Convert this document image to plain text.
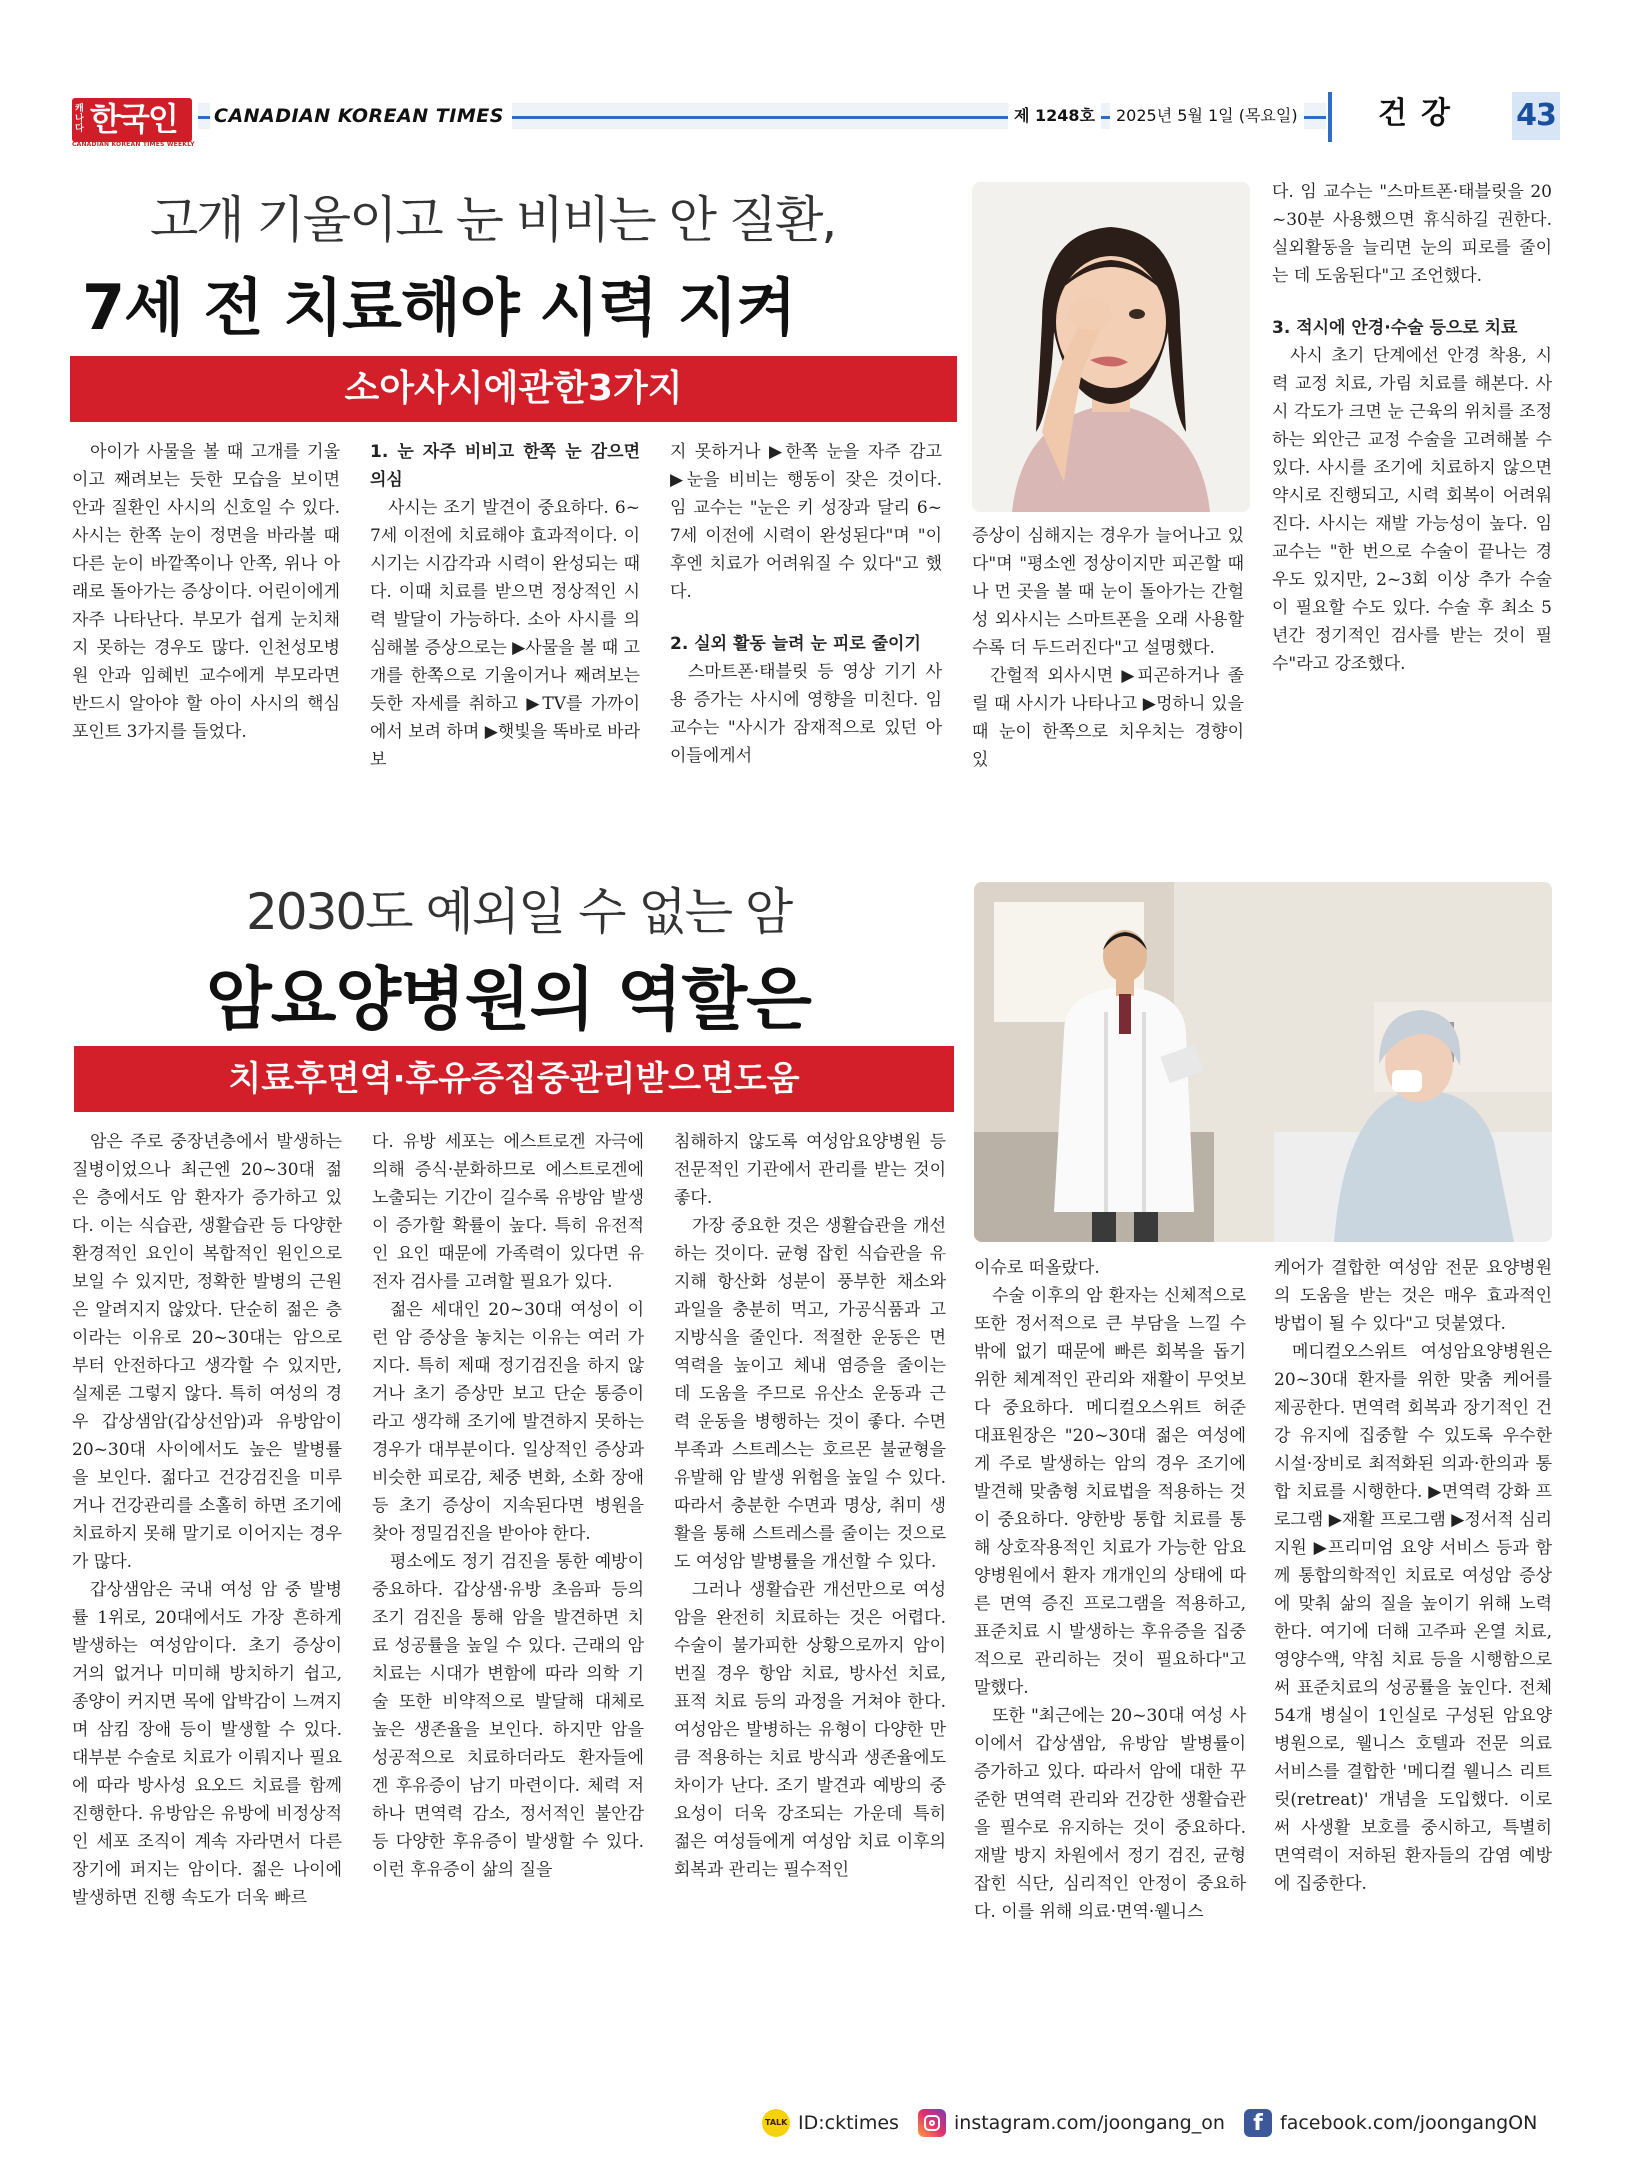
캐나다 한국인
CANADIAN KOREAN TIMES WEEKLY
CANADIAN KOREAN TIMES	제 1248호	2025년 5월 1일 (목요일)	건강 43
고개 기울이고 눈 비비는 안 질환,
7세 전 치료해야 시력 지켜
소아사시에관한3가지

아이가 사물을 볼 때 고개를 기울이고 째려보는 듯한 모습을 보이면 안과 질환인 사시의 신호일 수 있다. 사시는 한쪽 눈이 정면을 바라볼 때 다른 눈이 바깥쪽이나 안쪽, 위나 아래로 돌아가는 증상이다. 어린이에게 자주 나타난다. 부모가 쉽게 눈치채지 못하는 경우도 많다. 인천성모병원 안과 임혜빈 교수에게 부모라면 반드시 알아야 할 아이 사시의 핵심 포인트 3가지를 들었다.

1. 눈 자주 비비고 한쪽 눈 감으면 의심

사시는 조기 발견이 중요하다. 6~7세 이전에 치료해야 효과적이다. 이 시기는 시감각과 시력이 완성되는 때다. 이때 치료를 받으면 정상적인 시력 발달이 가능하다. 소아 사시를 의심해볼 증상으로는 ▶사물을 볼 때 고개를 한쪽으로 기울이거나 째려보는 듯한 자세를 취하고 ▶TV를 가까이에서 보려 하며 ▶햇빛을 똑바로 바라보

지 못하거나 ▶한쪽 눈을 자주 감고 ▶눈을 비비는 행동이 잦은 것이다. 임 교수는 "눈은 키 성장과 달리 6~7세 이전에 시력이 완성된다"며 "이후엔 치료가 어려워질 수 있다"고 했다.

2. 실외 활동 늘려 눈 피로 줄이기

스마트폰·태블릿 등 영상 기기 사용 증가는 사시에 영향을 미친다. 임 교수는 "사시가 잠재적으로 있던 아이들에게서

증상이 심해지는 경우가 늘어나고 있다"며 "평소엔 정상이지만 피곤할 때나 먼 곳을 볼 때 눈이 돌아가는 간헐성 외사시는 스마트폰을 오래 사용할수록 더 두드러진다"고 설명했다.

간헐적 외사시면 ▶피곤하거나 졸릴 때 사시가 나타나고 ▶멍하니 있을 때 눈이 한쪽으로 치우치는 경향이 있

다. 임 교수는 "스마트폰·태블릿을 20~30분 사용했으면 휴식하길 권한다. 실외활동을 늘리면 눈의 피로를 줄이는 데 도움된다"고 조언했다.

3. 적시에 안경·수술 등으로 치료

사시 초기 단계에선 안경 착용, 시력 교정 치료, 가림 치료를 해본다. 사시 각도가 크면 눈 근육의 위치를 조정하는 외안근 교정 수술을 고려해볼 수 있다. 사시를 조기에 치료하지 않으면 약시로 진행되고, 시력 회복이 어려워진다. 사시는 재발 가능성이 높다. 임 교수는 "한 번으로 수술이 끝나는 경우도 있지만, 2~3회 이상 추가 수술이 필요할 수도 있다. 수술 후 최소 5년간 정기적인 검사를 받는 것이 필수"라고 강조했다.

2030도 예외일 수 없는 암
암요양병원의 역할은
치료후면역·후유증집중관리받으면도움

암은 주로 중장년층에서 발생하는 질병이었으나 최근엔 20~30대 젊은 층에서도 암 환자가 증가하고 있다. 이는 식습관, 생활습관 등 다양한 환경적인 요인이 복합적인 원인으로 보일 수 있지만, 정확한 발병의 근원은 알려지지 않았다. 단순히 젊은 층이라는 이유로 20~30대는 암으로부터 안전하다고 생각할 수 있지만, 실제론 그렇지 않다. 특히 여성의 경우 갑상샘암(갑상선암)과 유방암이 20~30대 사이에서도 높은 발병률을 보인다. 젊다고 건강검진을 미루거나 건강관리를 소홀히 하면 조기에 치료하지 못해 말기로 이어지는 경우가 많다.

갑상샘암은 국내 여성 암 중 발병률 1위로, 20대에서도 가장 흔하게 발생하는 여성암이다. 초기 증상이 거의 없거나 미미해 방치하기 쉽고, 종양이 커지면 목에 압박감이 느껴지며 삼킴 장애 등이 발생할 수 있다. 대부분 수술로 치료가 이뤄지나 필요에 따라 방사성 요오드 치료를 함께 진행한다. 유방암은 유방에 비정상적인 세포 조직이 계속 자라면서 다른 장기에 퍼지는 암이다. 젊은 나이에 발생하면 진행 속도가 더욱 빠르

다. 유방 세포는 에스트로겐 자극에 의해 증식·분화하므로 에스트로겐에 노출되는 기간이 길수록 유방암 발생이 증가할 확률이 높다. 특히 유전적인 요인 때문에 가족력이 있다면 유전자 검사를 고려할 필요가 있다.

젊은 세대인 20~30대 여성이 이런 암 증상을 놓치는 이유는 여러 가지다. 특히 제때 정기검진을 하지 않거나 초기 증상만 보고 단순 통증이라고 생각해 조기에 발견하지 못하는 경우가 대부분이다. 일상적인 증상과 비슷한 피로감, 체중 변화, 소화 장애 등 초기 증상이 지속된다면 병원을 찾아 정밀검진을 받아야 한다.

평소에도 정기 검진을 통한 예방이 중요하다. 갑상샘·유방 초음파 등의 조기 검진을 통해 암을 발견하면 치료 성공률을 높일 수 있다. 근래의 암 치료는 시대가 변함에 따라 의학 기술 또한 비약적으로 발달해 대체로 높은 생존율을 보인다. 하지만 암을 성공적으로 치료하더라도 환자들에겐 후유증이 남기 마련이다. 체력 저하나 면역력 감소, 정서적인 불안감 등 다양한 후유증이 발생할 수 있다. 이런 후유증이 삶의 질을

침해하지 않도록 여성암요양병원 등 전문적인 기관에서 관리를 받는 것이 좋다.

가장 중요한 것은 생활습관을 개선하는 것이다. 균형 잡힌 식습관을 유지해 항산화 성분이 풍부한 채소와 과일을 충분히 먹고, 가공식품과 고지방식을 줄인다. 적절한 운동은 면역력을 높이고 체내 염증을 줄이는 데 도움을 주므로 유산소 운동과 근력 운동을 병행하는 것이 좋다. 수면 부족과 스트레스는 호르몬 불균형을 유발해 암 발생 위험을 높일 수 있다. 따라서 충분한 수면과 명상, 취미 생활을 통해 스트레스를 줄이는 것으로도 여성암 발병률을 개선할 수 있다.

그러나 생활습관 개선만으로 여성 암을 완전히 치료하는 것은 어렵다. 수술이 불가피한 상황으로까지 암이 번질 경우 항암 치료, 방사선 치료, 표적 치료 등의 과정을 거쳐야 한다. 여성암은 발병하는 유형이 다양한 만큼 적용하는 치료 방식과 생존율에도 차이가 난다. 조기 발견과 예방의 중요성이 더욱 강조되는 가운데 특히 젊은 여성들에게 여성암 치료 이후의 회복과 관리는 필수적인

이슈로 떠올랐다.

수술 이후의 암 환자는 신체적으로 또한 정서적으로 큰 부담을 느낄 수밖에 없기 때문에 빠른 회복을 돕기 위한 체계적인 관리와 재활이 무엇보다 중요하다. 메디컬오스위트 허준 대표원장은 "20~30대 젊은 여성에게 주로 발생하는 암의 경우 조기에 발견해 맞춤형 치료법을 적용하는 것이 중요하다. 양한방 통합 치료를 통해 상호작용적인 치료가 가능한 암요양병원에서 환자 개개인의 상태에 따른 면역 증진 프로그램을 적용하고, 표준치료 시 발생하는 후유증을 집중적으로 관리하는 것이 필요하다"고 말했다.

또한 "최근에는 20~30대 여성 사이에서 갑상샘암, 유방암 발병률이 증가하고 있다. 따라서 암에 대한 꾸준한 면역력 관리와 건강한 생활습관을 필수로 유지하는 것이 중요하다. 재발 방지 차원에서 정기 검진, 균형 잡힌 식단, 심리적인 안정이 중요하다. 이를 위해 의료·면역·웰니스

케어가 결합한 여성암 전문 요양병원의 도움을 받는 것은 매우 효과적인 방법이 될 수 있다"고 덧붙였다.

메디컬오스위트 여성암요양병원은 20~30대 환자를 위한 맞춤 케어를 제공한다. 면역력 회복과 장기적인 건강 유지에 집중할 수 있도록 우수한 시설·장비로 최적화된 의과·한의과 통합 치료를 시행한다. ▶면역력 강화 프로그램 ▶재활 프로그램 ▶정서적 심리 지원 ▶프리미엄 요양 서비스 등과 함께 통합의학적인 치료로 여성암 증상에 맞춰 삶의 질을 높이기 위해 노력한다. 여기에 더해 고주파 온열 치료, 영양수액, 약침 치료 등을 시행함으로써 표준치료의 성공률을 높인다. 전체 54개 병실이 1인실로 구성된 암요양병원으로, 웰니스 호텔과 전문 의료 서비스를 결합한 '메디컬 웰니스 리트릿(retreat)' 개념을 도입했다. 이로써 사생활 보호를 중시하고, 특별히 면역력이 저하된 환자들의 감염 예방에 집중한다.

TALK ID:cktimes	instagram.com/joongang_on	f facebook.com/joongangON
